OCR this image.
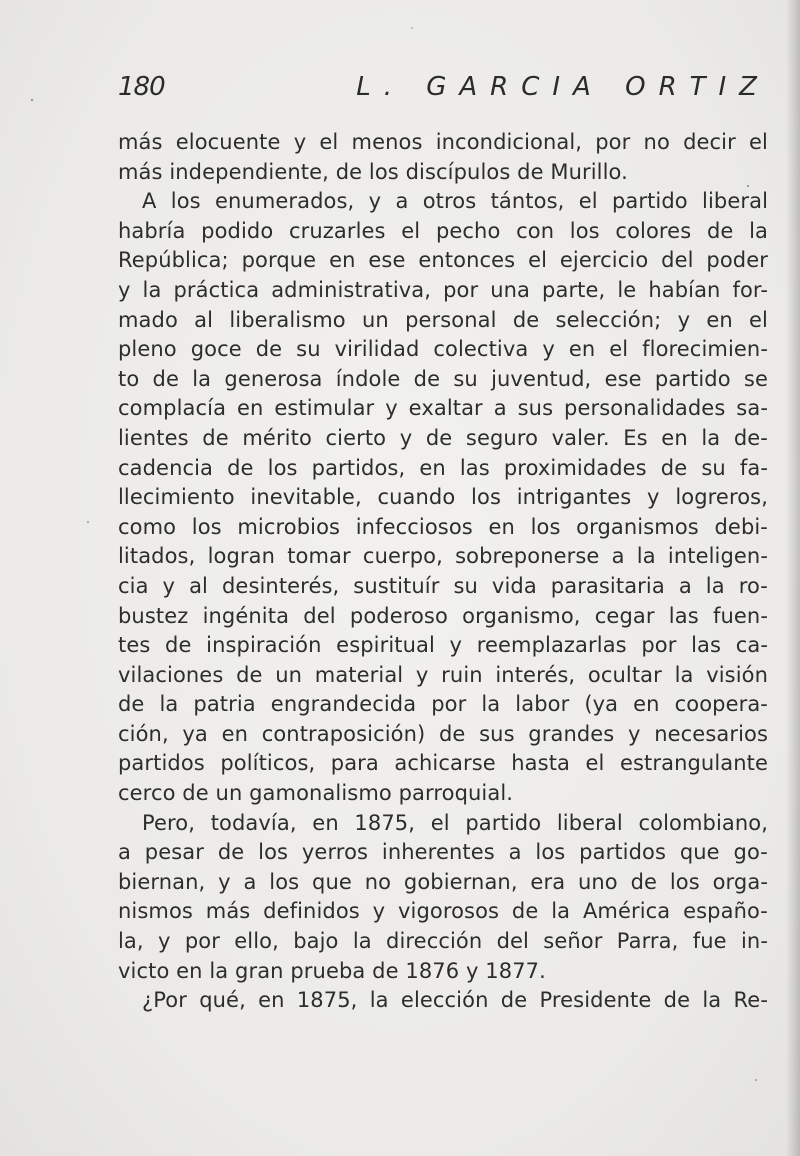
180	L. GARCIA ORTIZ
más elocuente y el menos incondicional, por no decir el
más independiente, de los discípulos de Murillo.
A los enumerados, y a otros tántos, el partido liberal
habría podido cruzarles el pecho con los colores de la
República; porque en ese entonces el ejercicio del poder
y la práctica administrativa, por una parte, le habían for-
mado al liberalismo un personal de selección; y en el
pleno goce de su virilidad colectiva y en el florecimien-
to de la generosa índole de su juventud, ese partido se
complacía en estimular y exaltar a sus personalidades sa-
lientes de mérito cierto y de seguro valer. Es en la de-
cadencia de los partidos, en las proximidades de su fa-
llecimiento inevitable, cuando los intrigantes y logreros,
como los microbios infecciosos en los organismos debi-
litados, logran tomar cuerpo, sobreponerse a la inteligen-
cia y al desinterés, sustituír su vida parasitaria a la ro-
bustez ingénita del poderoso organismo, cegar las fuen-
tes de inspiración espiritual y reemplazarlas por las ca-
vilaciones de un material y ruin interés, ocultar la visión
de la patria engrandecida por la labor (ya en coopera-
ción, ya en contraposición) de sus grandes y necesarios
partidos políticos, para achicarse hasta el estrangulante
cerco de un gamonalismo parroquial.
Pero, todavía, en 1875, el partido liberal colombiano,
a pesar de los yerros inherentes a los partidos que go-
biernan, y a los que no gobiernan, era uno de los orga-
nismos más definidos y vigorosos de la América españo-
la, y por ello, bajo la dirección del señor Parra, fue in-
victo en la gran prueba de 1876 y 1877.
¿Por qué, en 1875, la elección de Presidente de la Re-
